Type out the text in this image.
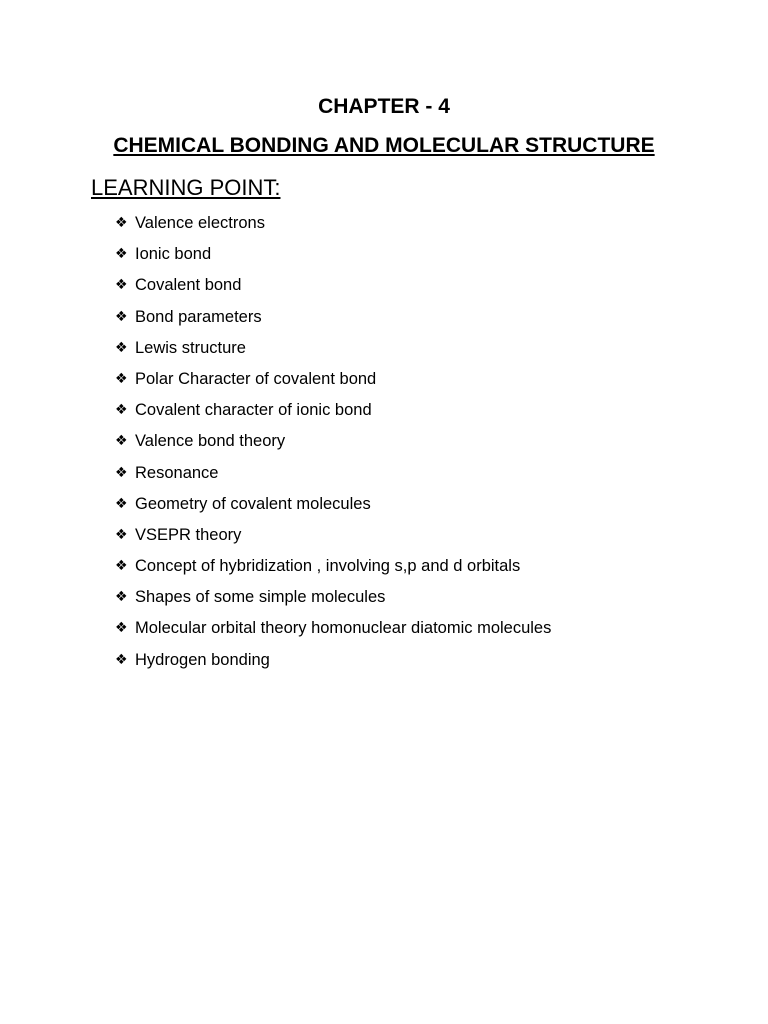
CHAPTER - 4
CHEMICAL BONDING AND MOLECULAR STRUCTURE
LEARNING POINT:
❖ Valence electrons
❖ Ionic bond
❖ Covalent bond
❖ Bond parameters
❖ Lewis structure
❖ Polar Character of covalent bond
❖ Covalent character of ionic bond
❖ Valence bond theory
❖ Resonance
❖ Geometry of covalent molecules
❖ VSEPR theory
❖ Concept of hybridization , involving s,p and d orbitals
❖ Shapes of some simple molecules
❖ Molecular orbital theory homonuclear diatomic molecules
❖ Hydrogen bonding
